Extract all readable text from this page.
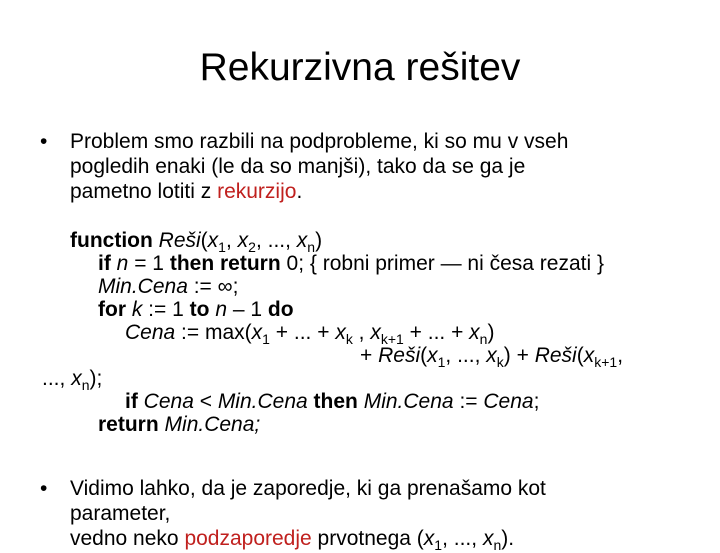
Rekurzivna rešitev
• Problem smo razbili na podprobleme, ki so mu v vseh
pogledih enaki (le da so manjši), tako da se ga je
pametno lotiti z rekurzijo.
function $Reši(x_1$, $x_2$, ..., $x_n$)
if n = 1 then return 0; { robni primer — ni česa rezati }
Min.Cena := ∞;
for k := 1 to n – 1 do
Cena := $\max(x_1$ + ... + $x_k$ , $x_{k+1}$ + ... + $x_n$)
+ $Reši(x_1$, ..., $x_k$) + $Reši(x_{k+1}$,
..., $x_n$);
if Cena < Min.Cena then Min.Cena := Cena;
return Min.Cena;
• Vidimo lahko, da je zaporedje, ki ga prenašamo kot
parameter,
vedno neko podzaporedje prvotnega ($x_1$, ..., $x_n$).
